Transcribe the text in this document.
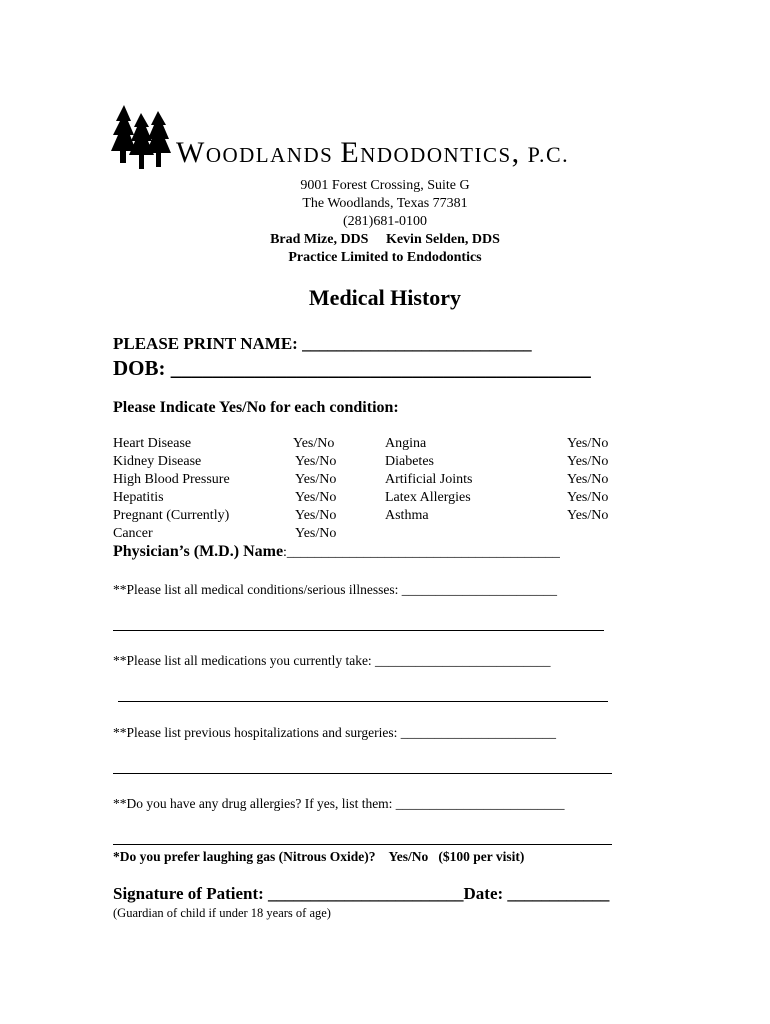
Woodlands Endodontics, P.C.
9001 Forest Crossing, Suite G
The Woodlands, Texas 77381
(281)681-0100
Brad Mize, DDS     Kevin Selden, DDS
Practice Limited to Endodontics
Medical History
PLEASE PRINT NAME: ___________________________
DOB: ________________________________________
Please Indicate Yes/No for each condition:
Heart Disease
Kidney Disease
High Blood Pressure
Hepatitis
Pregnant (Currently)
Cancer
Yes/No
Yes/No
Yes/No
Yes/No
Yes/No
Yes/No
Angina
Diabetes
Artificial Joints
Latex Allergies
Asthma
Yes/No
Yes/No
Yes/No
Yes/No
Yes/No
Physician’s (M.D.) Name:_______________________________________
**Please list all medical conditions/serious illnesses: _______________________
**Please list all medications you currently take: __________________________
**Please list previous hospitalizations and surgeries: _______________________
**Do you have any drug allergies? If yes, list them: _________________________
*Do you prefer laughing gas (Nitrous Oxide)?    Yes/No   ($100 per visit)
Signature of Patient: _______________________Date: ____________
(Guardian of child if under 18 years of age)
